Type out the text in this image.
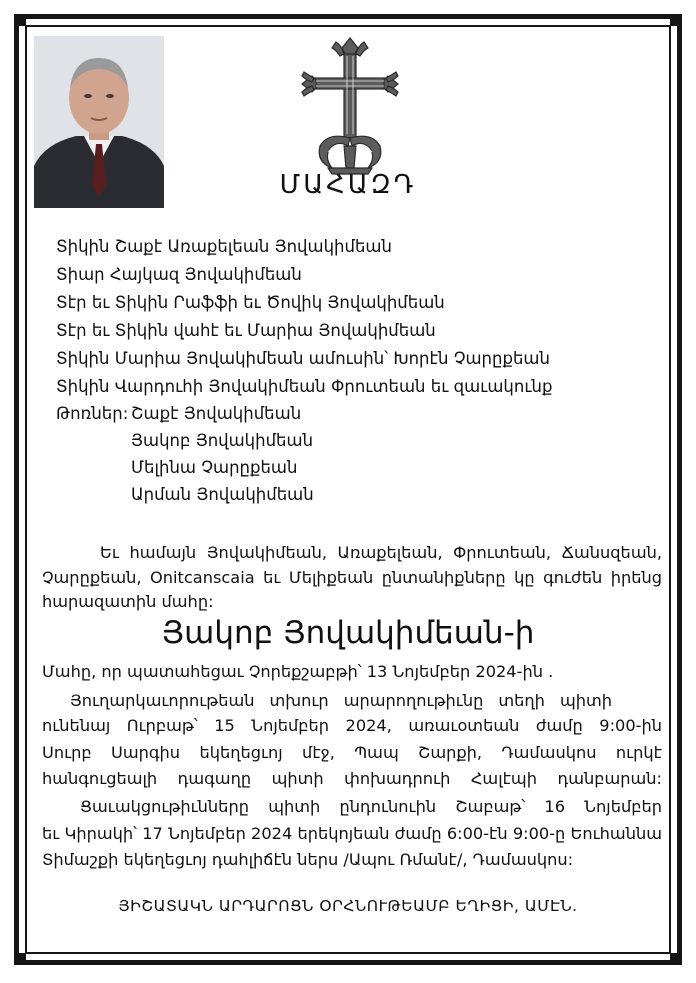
ՄԱՀԱԶԴ
Տիկին Շաքէ Առաքելեան Յովակիմեան
Տիար Հայկազ Յովակիմեան
Տէր եւ Տիկին Րաֆֆի եւ Ծովիկ Յովակիմեան
Տէր եւ Տիկին վահէ եւ Մարիա Յովակիմեան
Տիկին Մարիա Յովակիմեան ամուսին՝ Խորէն Չարըքեան
Տիկին Վարդուհի Յովակիմեան Փրուտեան եւ զաւակունք
Թոռներ: Շաքէ Յովակիմեան
Յակոբ Յովակիմեան
Մելինա Չարըքեան
Արման Յովակիմեան
Եւ համայն Յովակիմեան, Առաքելեան, Փրուտեան, Ճանսզեան,
Չարըքեան, Onitcanscaia եւ Մելիքեան ընտանիքները կը գուժեն իրենց
հարազատին մահը:
Յակոբ Յովակիմեան-ի
Մահը, որ պատահեցաւ Չորեքշաբթի՝ 13 Նոյեմբեր 2024-ին .
Յուղարկաւորութեան տխուր արարողութիւնը տեղի պիտի
ունենայ Ուրբաթ՝ 15 Նոյեմբեր 2024, առաւօտեան ժամը 9:00-ին
Սուրբ Սարգիս եկեղեցւոյ մէջ, Պապ Շարքի, Դամասկոս ուրկէ
հանգուցեալի դագաղը պիտի փոխադրուի Հալէպի դանբարան:
Ցաւակցութիւնները պիտի ընդունուին Շաբաթ՝ 16 Նոյեմբեր
եւ Կիրակի՝ 17 Նոյեմբեր 2024 երեկոյեան ժամը 6:00-էն 9:00-ը Եուհաննա
Տիմաշքի եկեղեցւոյ դահլիճէն ներս /Ապու Ռմանէ/, Դամասկոս:
ՅԻՇԱՏԱԿՆ ԱՐԴԱՐՈՑՆ ՕՐՀՆՈՒԹԵԱՄԲ ԵՂԻՑԻ, ԱՄԷՆ.
